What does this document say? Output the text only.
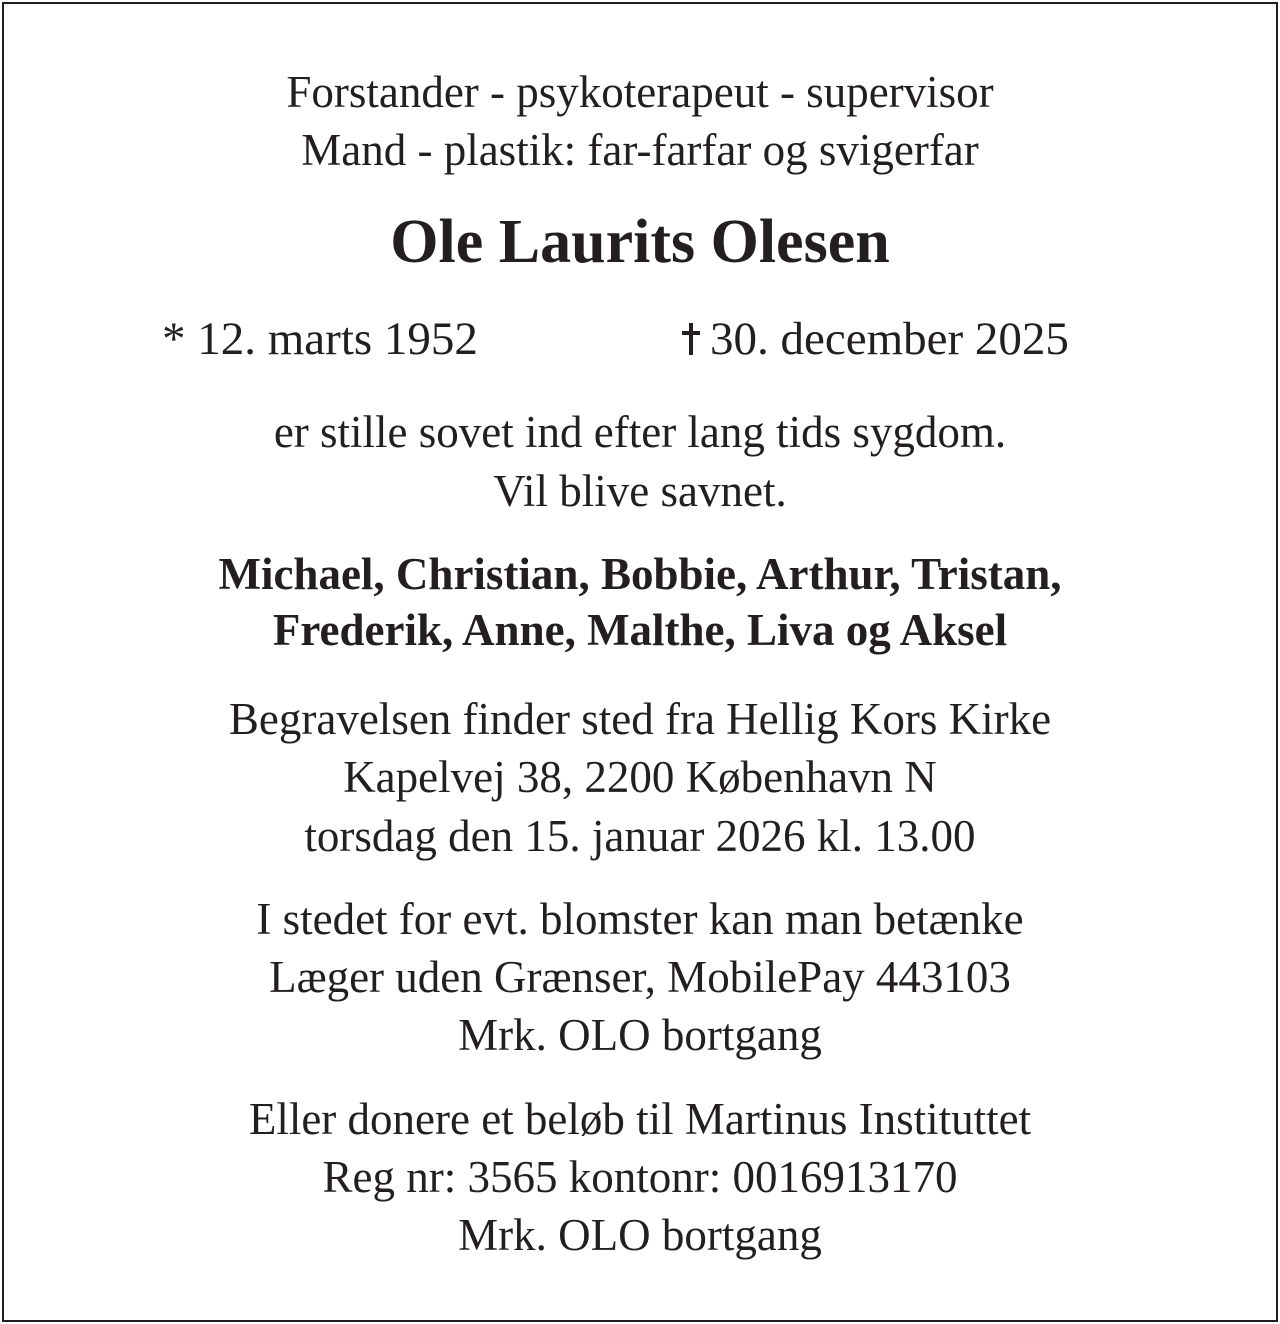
Forstander - psykoterapeut - supervisor
Mand - plastik: far-farfar og svigerfar
Ole Laurits Olesen
* 12. marts 1952	30. december 2025
er stille sovet ind efter lang tids sygdom.
Vil blive savnet.
Michael, Christian, Bobbie, Arthur, Tristan,
Frederik, Anne, Malthe, Liva og Aksel
Begravelsen finder sted fra Hellig Kors Kirke
Kapelvej 38, 2200 København N
torsdag den 15. januar 2026 kl. 13.00
I stedet for evt. blomster kan man betænke
Læger uden Grænser, MobilePay 443103
Mrk. OLO bortgang
Eller donere et beløb til Martinus Instituttet
Reg nr: 3565 kontonr: 0016913170
Mrk. OLO bortgang
